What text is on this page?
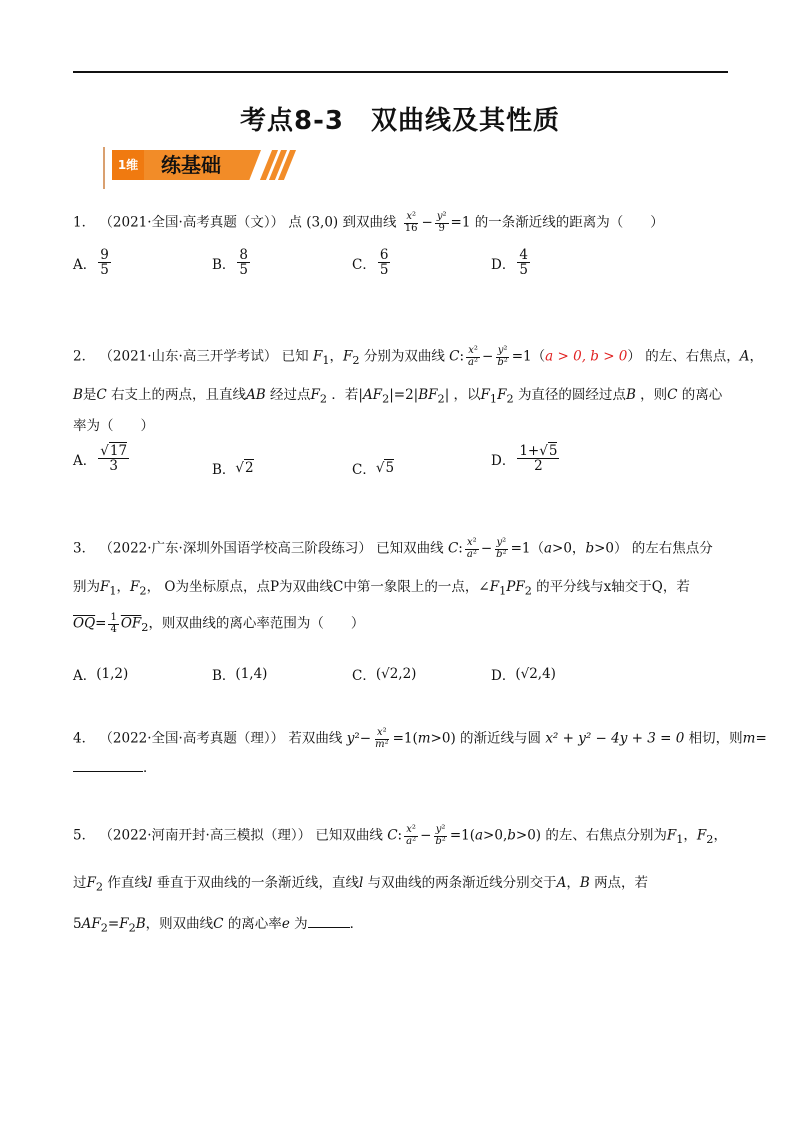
考点8-3　双曲线及其性质
1维 练基础
1． （2021·全国·高考真题（文）） 点 (3,0) 到双曲线 $\frac{\text{x²}}{16} - \frac{\text{y²}}{9} =1$ 的一条渐近线的距离为（　　）
A． $\frac{9}{5}$	B． $\frac{8}{5}$	C． $\frac{6}{5}$	D． $\frac{4}{5}$
2． （2021·山东·高三开学考试） 已知 $F_1$，$F_2$ 分别为双曲线 C: $\frac{\text{x²}}{\text{a²}} - \frac{\text{y²}}{\text{b²}} =1(a > 0$, b > 0） 的左、右焦点，A，
B是C 右支上的两点，且直线AB 经过点$F_2$ ．若$|AF_2|=2|BF_2|$ ，以$F_1F_2$ 为直径的圆经过点B ，则C 的离心
率为（　　）
A． $\frac{√17}{3}$	B． √2	C． √5	D． $\frac{1+√5}{2}$
3． （2022·广东·深圳外国语学校高三阶段练习） 已知双曲线 C: $\frac{\text{x²}}{\text{a²}} - \frac{\text{y²}}{\text{b²}} =1(a>0$，b>0） 的左右焦点分
别为$F_1$，$F_2$， O为坐标原点，点P为双曲线C中第一象限上的一点，$\angle F_1PF_2$ 的平分线与x轴交于Q，若
$\overline{OQ}= \frac{1}{4} \overline{OF}_2$，则双曲线的离心率范围为（　　）
A． (1,2)	B． (1,4)	C． (√2,2)	D． (√2,4)
4． （2022·全国·高考真题（理）） 若双曲线 $y^2- \frac{\text{x²}}{\text{m²}} =1(m>0)$ 的渐近线与圆 x² + y² − 4y + 3 = 0 相切，则m=
．
5． （2022·河南开封·高三模拟（理）） 已知双曲线 C: $\frac{\text{x²}}{\text{a²}} - \frac{\text{y²}}{\text{b²}} =1(a>0,b>0)$ 的左、右焦点分别为$F_1$，$F_2$，
过$F_2$ 作直线l 垂直于双曲线的一条渐近线，直线l 与双曲线的两条渐近线分别交于A，B 两点，若
$5AF_2=F_2B$，则双曲线C 的离心率e 为	．
